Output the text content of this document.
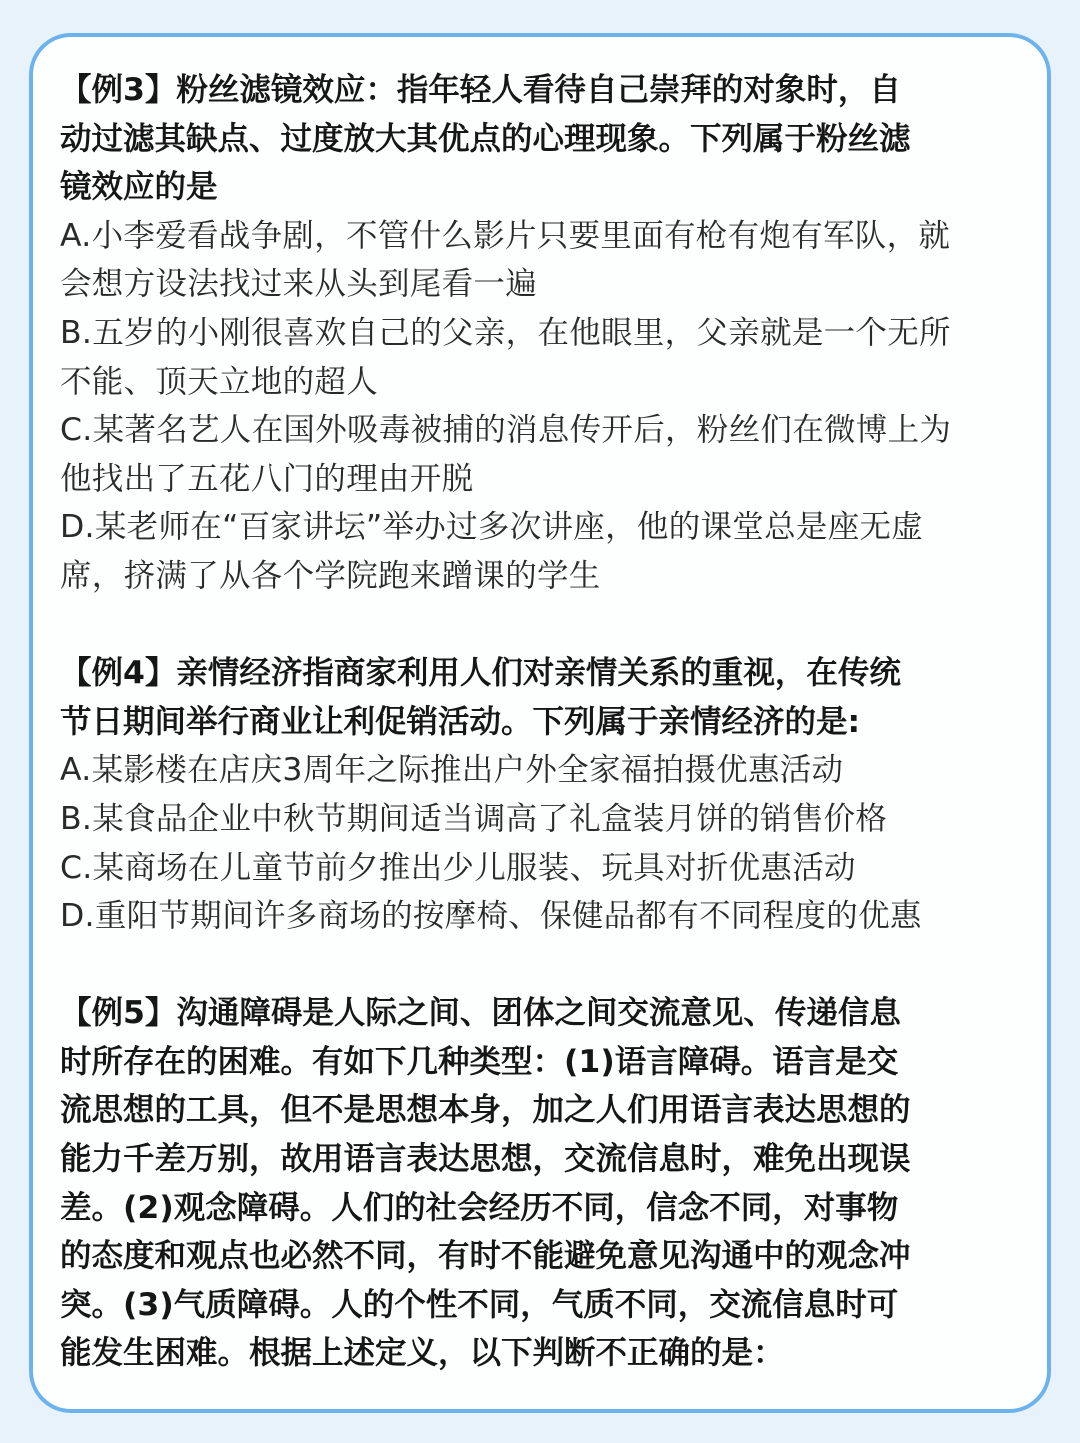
【例3】粉丝滤镜效应：指年轻人看待自己崇拜的对象时，自
动过滤其缺点、过度放大其优点的心理现象。下列属于粉丝滤
镜效应的是
A.小李爱看战争剧，不管什么影片只要里面有枪有炮有军队，就
会想方设法找过来从头到尾看一遍
B.五岁的小刚很喜欢自己的父亲，在他眼里，父亲就是一个无所
不能、顶天立地的超人
C.某著名艺人在国外吸毒被捕的消息传开后，粉丝们在微博上为
他找出了五花八门的理由开脱
D.某老师在“百家讲坛”举办过多次讲座，他的课堂总是座无虚
席，挤满了从各个学院跑来蹭课的学生
【例4】亲情经济指商家利用人们对亲情关系的重视，在传统
节日期间举行商业让利促销活动。下列属于亲情经济的是:
A.某影楼在店庆3周年之际推出户外全家福拍摄优惠活动
B.某食品企业中秋节期间适当调高了礼盒装月饼的销售价格
C.某商场在儿童节前夕推出少儿服装、玩具对折优惠活动
D.重阳节期间许多商场的按摩椅、保健品都有不同程度的优惠
【例5】沟通障碍是人际之间、团体之间交流意见、传递信息
时所存在的困难。有如下几种类型：(1)语言障碍。语言是交
流思想的工具，但不是思想本身，加之人们用语言表达思想的
能力千差万别，故用语言表达思想，交流信息时，难免出现误
差。(2)观念障碍。人们的社会经历不同，信念不同，对事物
的态度和观点也必然不同，有时不能避免意见沟通中的观念冲
突。(3)气质障碍。人的个性不同，气质不同，交流信息时可
能发生困难。根据上述定义，以下判断不正确的是：
